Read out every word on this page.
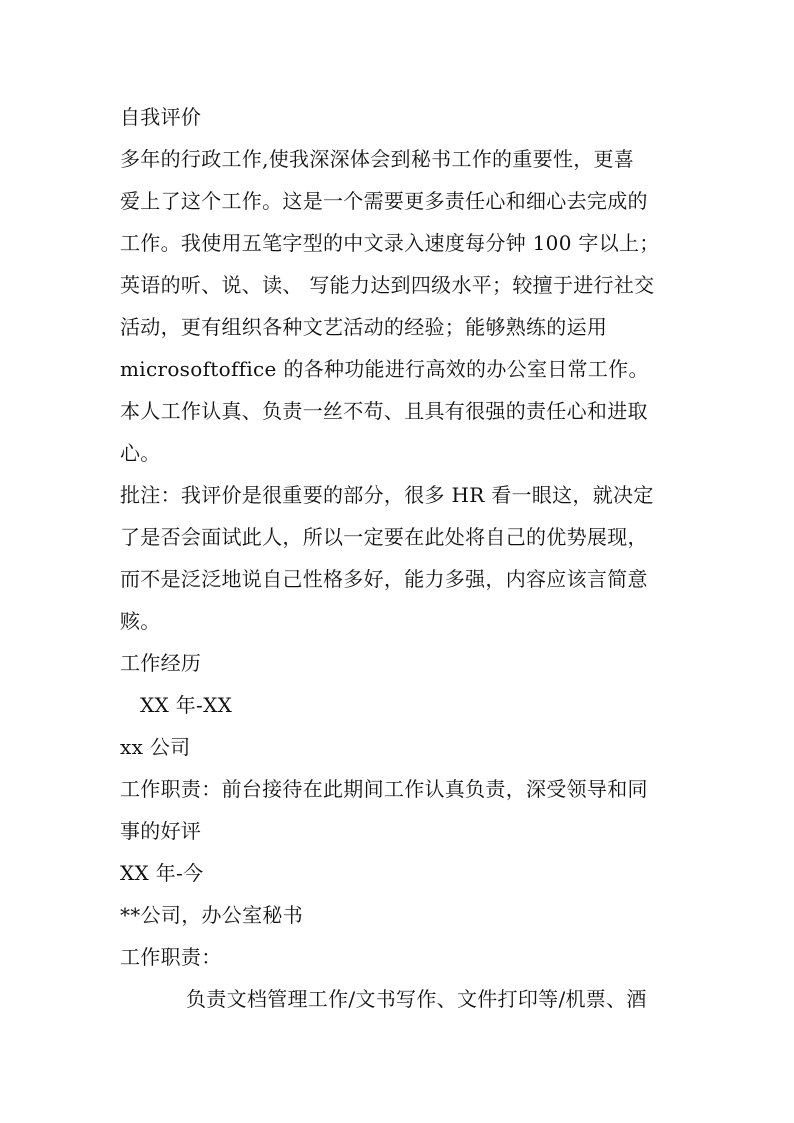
自我评价
多年的行政工作,使我深深体会到秘书工作的重要性，更喜
爱上了这个工作。这是一个需要更多责任心和细心去完成的
工作。我使用五笔字型的中文录入速度每分钟 100 字以上；
英语的听、说、读、 写能力达到四级水平；较擅于进行社交
活动，更有组织各种文艺活动的经验；能够熟练的运用
microsoftoffice 的各种功能进行高效的办公室日常工作。
本人工作认真、负责一丝不苟、且具有很强的责任心和进取
心。
批注：我评价是很重要的部分，很多 HR 看一眼这，就决定
了是否会面试此人，所以一定要在此处将自己的优势展现，
而不是泛泛地说自己性格多好，能力多强，内容应该言简意
赅。
工作经历
XX 年-XX
xx 公司
工作职责：前台接待在此期间工作认真负责，深受领导和同
事的好评
XX 年-今
**公司，办公室秘书
工作职责：
负责文档管理工作/文书写作、文件打印等/机票、酒
